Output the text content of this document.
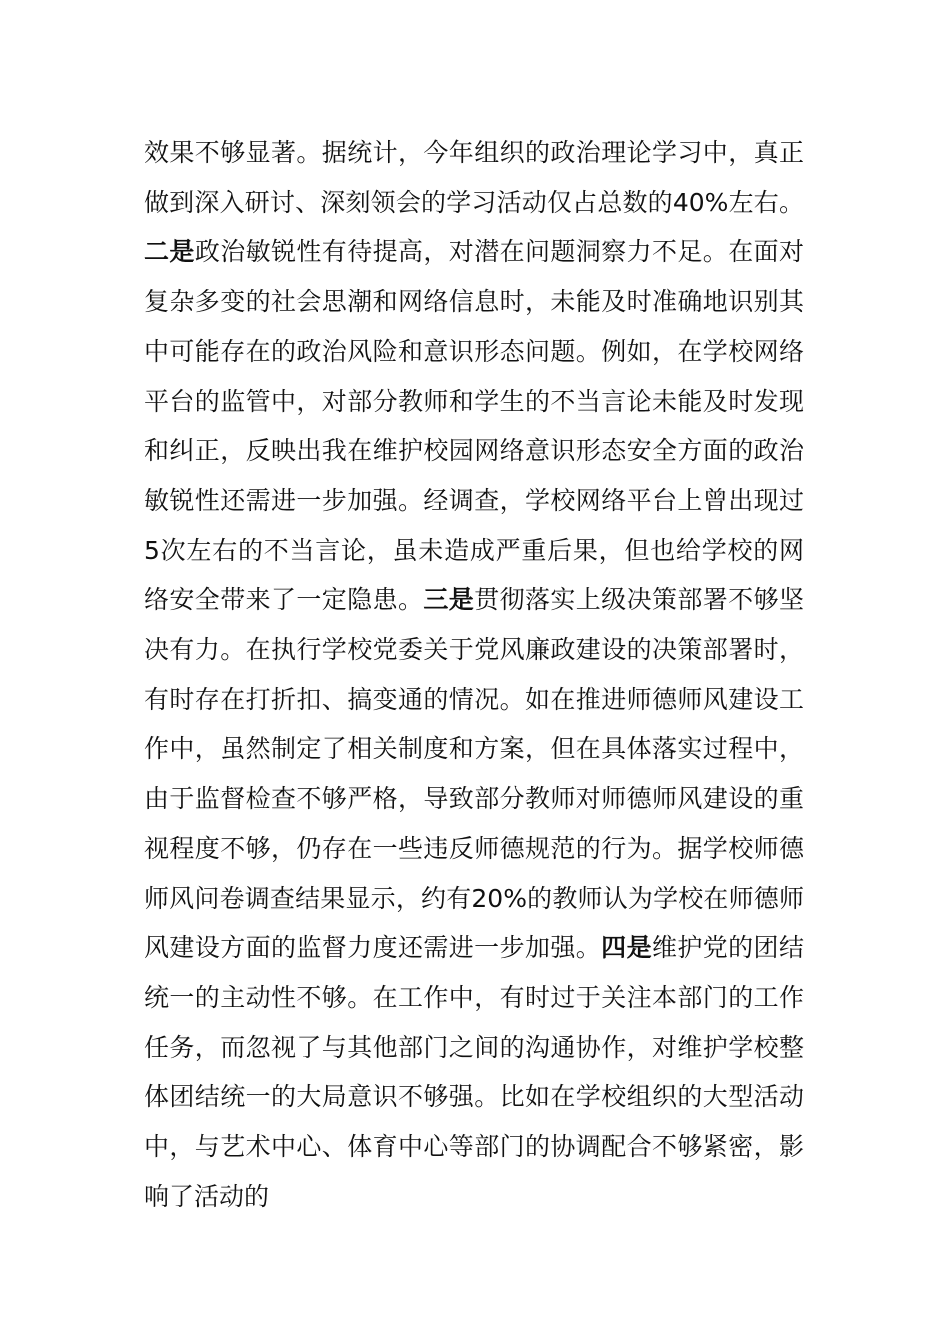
效果不够显著。据统计，今年组织的政治理论学习中，真正做到深入研讨、深刻领会的学习活动仅占总数的40%左右。二是政治敏锐性有待提高，对潜在问题洞察力不足。在面对复杂多变的社会思潮和网络信息时，未能及时准确地识别其中可能存在的政治风险和意识形态问题。例如，在学校网络平台的监管中，对部分教师和学生的不当言论未能及时发现和纠正，反映出我在维护校园网络意识形态安全方面的政治敏锐性还需进一步加强。经调查，学校网络平台上曾出现过5次左右的不当言论，虽未造成严重后果，但也给学校的网络安全带来了一定隐患。三是贯彻落实上级决策部署不够坚决有力。在执行学校党委关于党风廉政建设的决策部署时，有时存在打折扣、搞变通的情况。如在推进师德师风建设工作中，虽然制定了相关制度和方案，但在具体落实过程中，由于监督检查不够严格，导致部分教师对师德师风建设的重视程度不够，仍存在一些违反师德规范的行为。据学校师德师风问卷调查结果显示，约有20%的教师认为学校在师德师风建设方面的监督力度还需进一步加强。四是维护党的团结统一的主动性不够。在工作中，有时过于关注本部门的工作任务，而忽视了与其他部门之间的沟通协作，对维护学校整体团结统一的大局意识不够强。比如在学校组织的大型活动中，与艺术中心、体育中心等部门的协调配合不够紧密，影响了活动的
